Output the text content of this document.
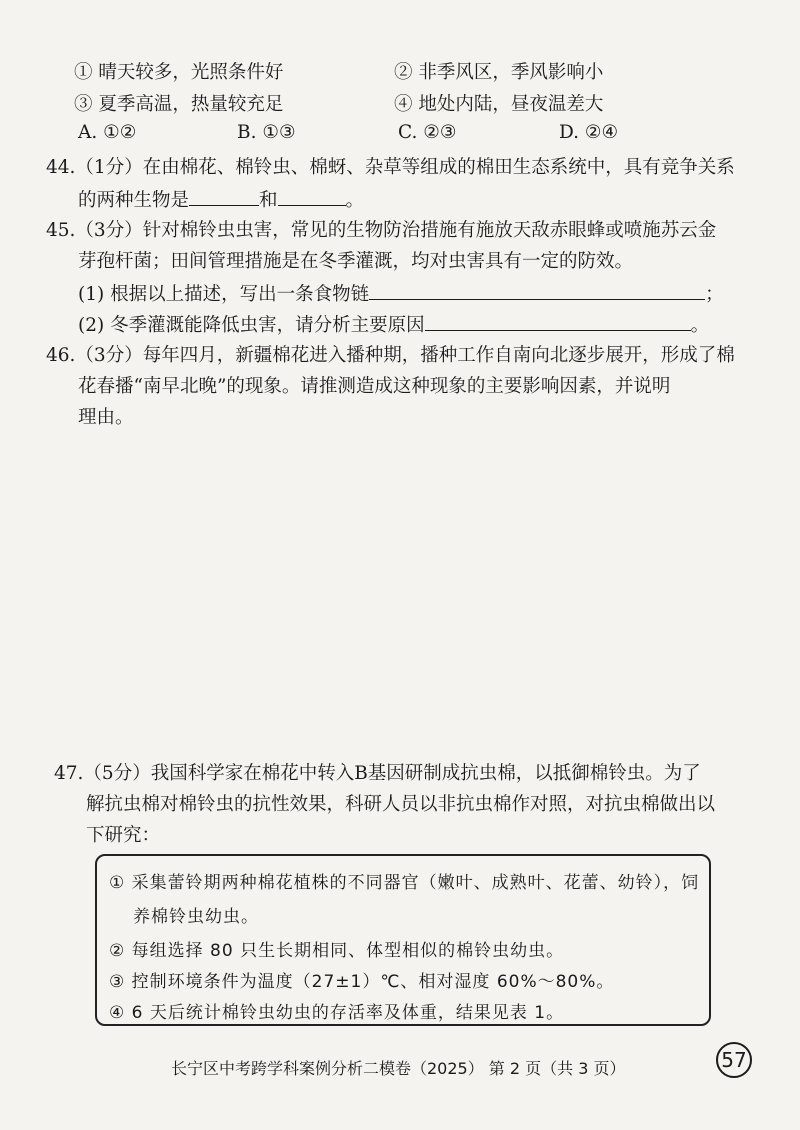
① 晴天较多，光照条件好	② 非季风区，季风影响小
③ 夏季高温，热量较充足	④ 地处内陆，昼夜温差大
A. ①②	B. ①③	C. ②③	D. ②④
44.（1分）在由棉花、棉铃虫、棉蚜、杂草等组成的棉田生态系统中，具有竞争关系
的两种生物是	和	。
45.（3分）针对棉铃虫虫害，常见的生物防治措施有施放天敌赤眼蜂或喷施苏云金
芽孢杆菌；田间管理措施是在冬季灌溉，均对虫害具有一定的防效。
(1) 根据以上描述，写出一条食物链	；
(2) 冬季灌溉能降低虫害，请分析主要原因	。
46.（3分）每年四月，新疆棉花进入播种期，播种工作自南向北逐步展开，形成了棉
花春播“南早北晚”的现象。请推测造成这种现象的主要影响因素，并说明
理由。
47.（5分）我国科学家在棉花中转入B基因研制成抗虫棉，以抵御棉铃虫。为了
解抗虫棉对棉铃虫的抗性效果，科研人员以非抗虫棉作对照，对抗虫棉做出以
下研究：
① 采集蕾铃期两种棉花植株的不同器官（嫩叶、成熟叶、花蕾、幼铃），饲
养棉铃虫幼虫。
② 每组选择 80 只生长期相同、体型相似的棉铃虫幼虫。
③ 控制环境条件为温度（27±1）℃、相对湿度 60%～80%。
④ 6 天后统计棉铃虫幼虫的存活率及体重，结果见表 1。
长宁区中考跨学科案例分析二模卷（2025） 第 2 页（共 3 页）	57
